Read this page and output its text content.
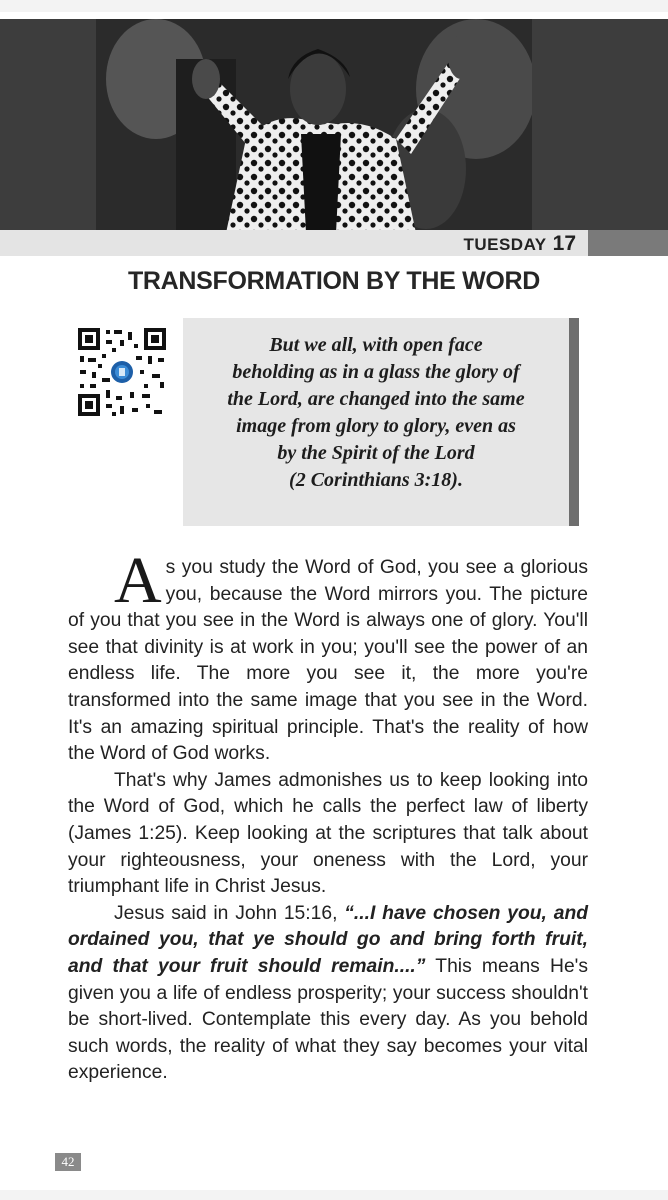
TUESDAY 17
TRANSFORMATION BY THE WORD
But we all, with open face
beholding as in a glass the glory of
the Lord, are changed into the same
image from glory to glory, even as
by the Spirit of the Lord
(2 Corinthians 3:18).

As you study the Word of God, you see a glorious you, because the Word mirrors you. The picture of you that you see in the Word is always one of glory. You'll see that divinity is at work in you; you'll see the power of an endless life. The more you see it, the more you're transformed into the same image that you see in the Word. It's an amazing spiritual principle. That's the reality of how the Word of God works.

That's why James admonishes us to keep looking into the Word of God, which he calls the perfect law of liberty (James 1:25). Keep looking at the scriptures that talk about your righteousness, your oneness with the Lord, your triumphant life in Christ Jesus.

Jesus said in John 15:16, “...I have chosen you, and ordained you, that ye should go and bring forth fruit, and that your fruit should remain....” This means He's given you a life of endless prosperity; your success shouldn't be short-lived. Contemplate this every day. As you behold such words, the reality of what they say becomes your vital experience.

42
